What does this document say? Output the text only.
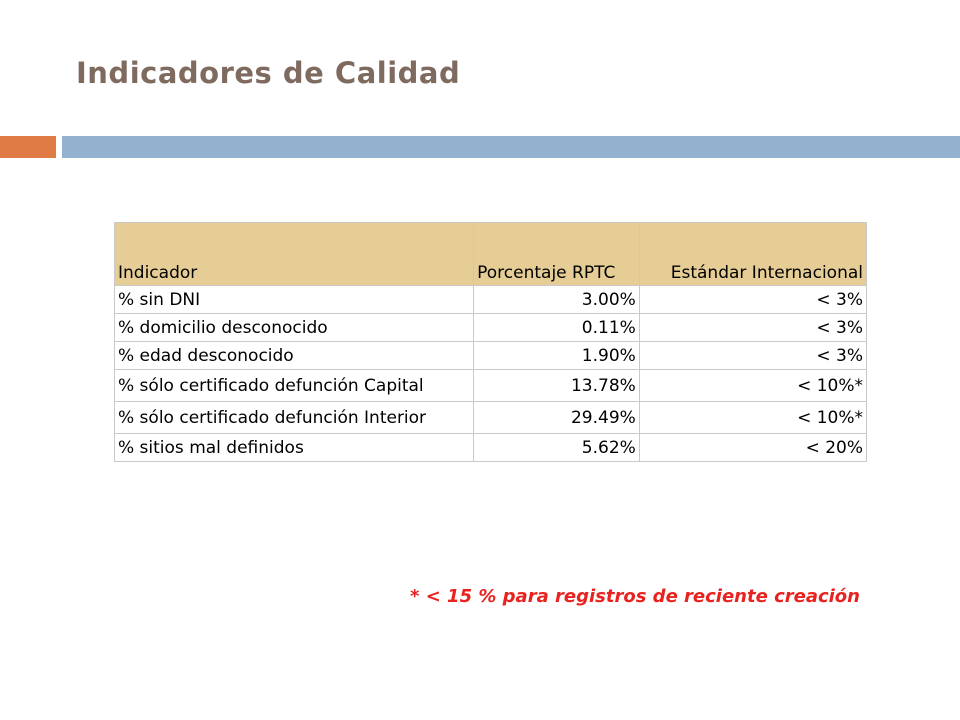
Indicadores de Calidad
Indicador	Porcentaje RPTC	Estándar Internacional
% sin DNI	3.00%	< 3%
% domicilio desconocido	0.11%	< 3%
% edad desconocido	1.90%	< 3%
% sólo certificado defunción Capital	13.78%	< 10%*
% sólo certificado defunción Interior	29.49%	< 10%*
% sitios mal definidos	5.62%	< 20%
* < 15 % para registros de reciente creación
